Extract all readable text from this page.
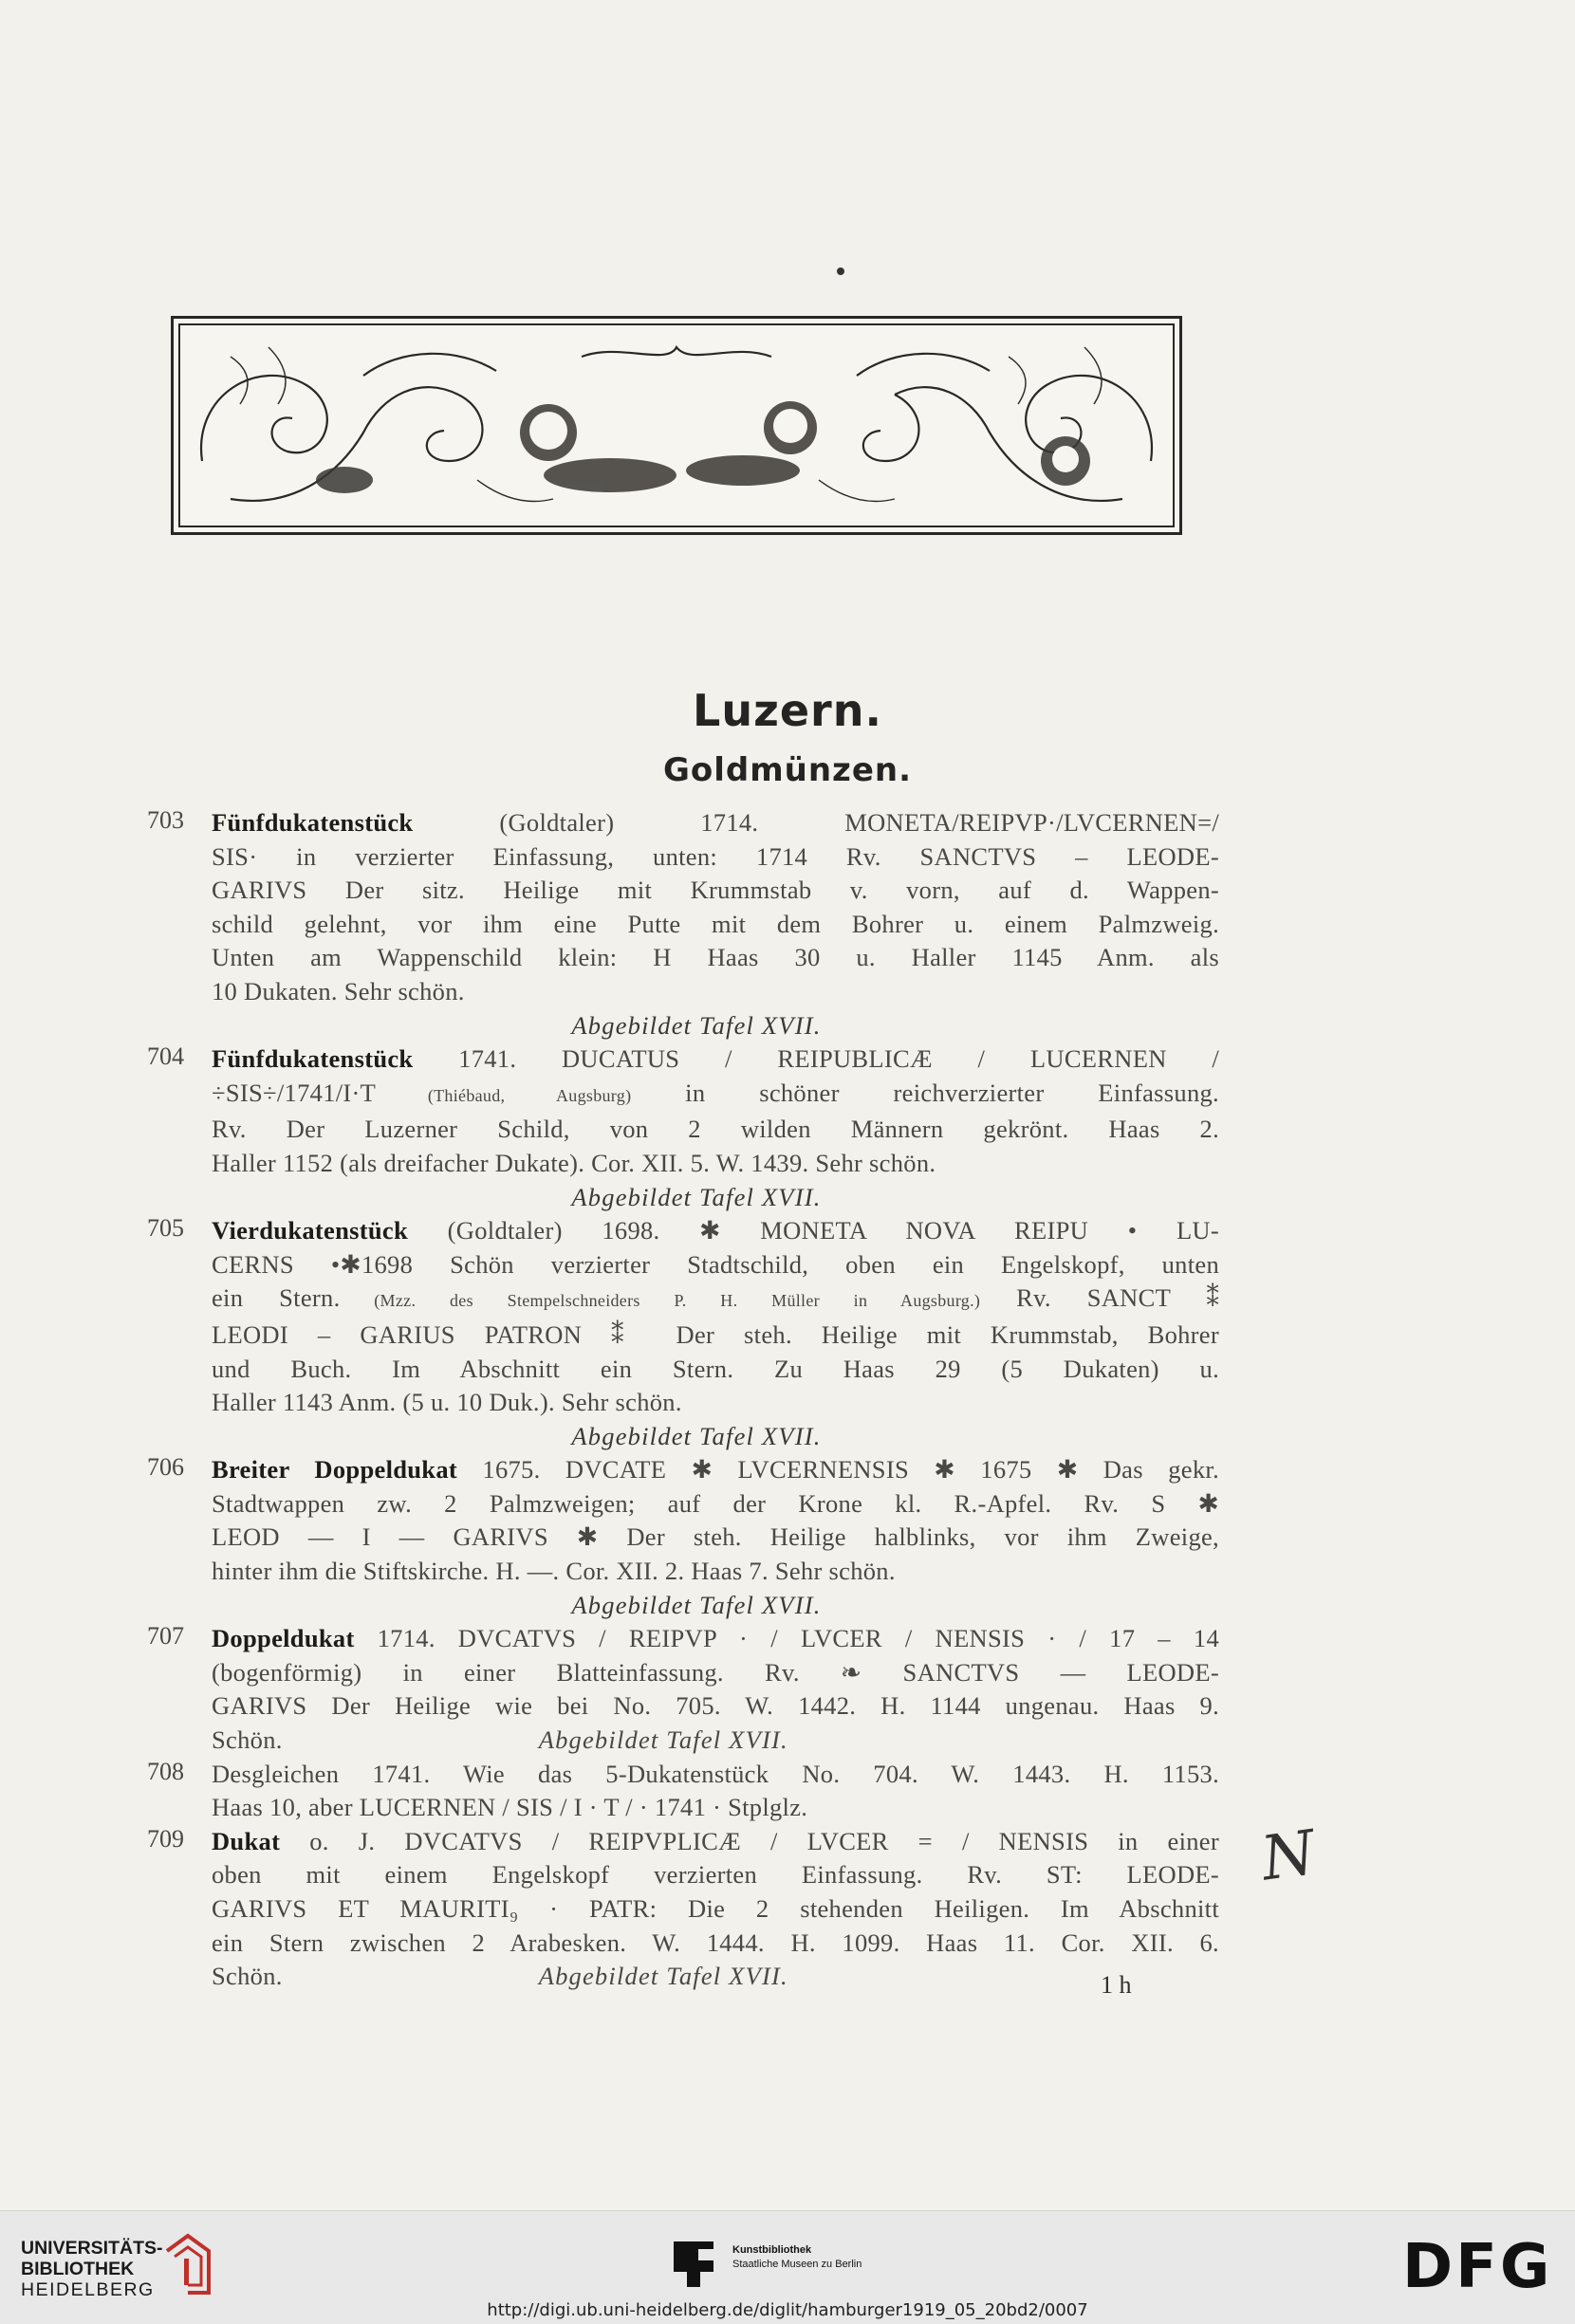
Luzern.
Goldmünzen.
703	Fünfdukatenstück (Goldtaler) 1714. MONETA/REIPVP·/LVCERNEN=/
SIS· in verzierter Einfassung, unten: 1714 Rv. SANCTVS – LEODE-
GARIVS Der sitz. Heilige mit Krummstab v. vorn, auf d. Wappen-
schild gelehnt, vor ihm eine Putte mit dem Bohrer u. einem Palmzweig.
Unten am Wappenschild klein: H Haas 30 u. Haller 1145 Anm. als
10 Dukaten. Sehr schön.
Abgebildet Tafel XVII.
704	Fünfdukatenstück 1741. DUCATUS / REIPUBLICÆ / LUCERNEN /
÷SIS÷/1741/I·T (Thiébaud, Augsburg) in schöner reichverzierter Einfassung.
Rv. Der Luzerner Schild, von 2 wilden Männern gekrönt. Haas 2.
Haller 1152 (als dreifacher Dukate). Cor. XII. 5. W. 1439. Sehr schön.
Abgebildet Tafel XVII.
705	Vierdukatenstück (Goldtaler) 1698. ✱ MONETA NOVA REIPU • LU-
CERNS •✱1698 Schön verzierter Stadtschild, oben ein Engelskopf, unten
ein Stern. (Mzz. des Stempelschneiders P. H. Müller in Augsburg.) Rv. SANCT ⁑
LEODI – GARIUS PATRON ⁑ Der steh. Heilige mit Krummstab, Bohrer
und Buch. Im Abschnitt ein Stern. Zu Haas 29 (5 Dukaten) u.
Haller 1143 Anm. (5 u. 10 Duk.). Sehr schön.
Abgebildet Tafel XVII.
706	Breiter Doppeldukat 1675. DVCATE ✱ LVCERNENSIS ✱ 1675 ✱ Das gekr.
Stadtwappen zw. 2 Palmzweigen; auf der Krone kl. R.-Apfel. Rv. S ✱
LEOD — I — GARIVS ✱ Der steh. Heilige halblinks, vor ihm Zweige,
hinter ihm die Stiftskirche. H. —. Cor. XII. 2. Haas 7. Sehr schön.
Abgebildet Tafel XVII.
707	Doppeldukat 1714. DVCATVS / REIPVP · / LVCER / NENSIS · / 17 – 14
(bogenförmig) in einer Blatteinfassung. Rv. ❧ SANCTVS — LEODE-
GARIVS Der Heilige wie bei No. 705. W. 1442. H. 1144 ungenau. Haas 9.
Schön.	Abgebildet Tafel XVII.
708	Desgleichen 1741. Wie das 5-Dukatenstück No. 704. W. 1443. H. 1153.
Haas 10, aber LUCERNEN / SIS / I · T / · 1741 · Stplglz.
709	Dukat o. J. DVCATVS / REIPVPLICÆ / LVCER = / NENSIS in einer
oben mit einem Engelskopf verzierten Einfassung. Rv. ST: LEODE-
GARIVS ET MAURITI₉ · PATR: Die 2 stehenden Heiligen. Im Abschnitt
ein Stern zwischen 2 Arabesken. W. 1444. H. 1099. Haas 11. Cor. XII. 6.
Schön.	Abgebildet Tafel XVII.	1 h
N
UNIVERSITÄTS-
BIBLIOTHEK
HEIDELBERG
Kunstbibliothek
Staatliche Museen zu Berlin	DFG
http://digi.ub.uni-heidelberg.de/diglit/hamburger1919_05_20bd2/0007
